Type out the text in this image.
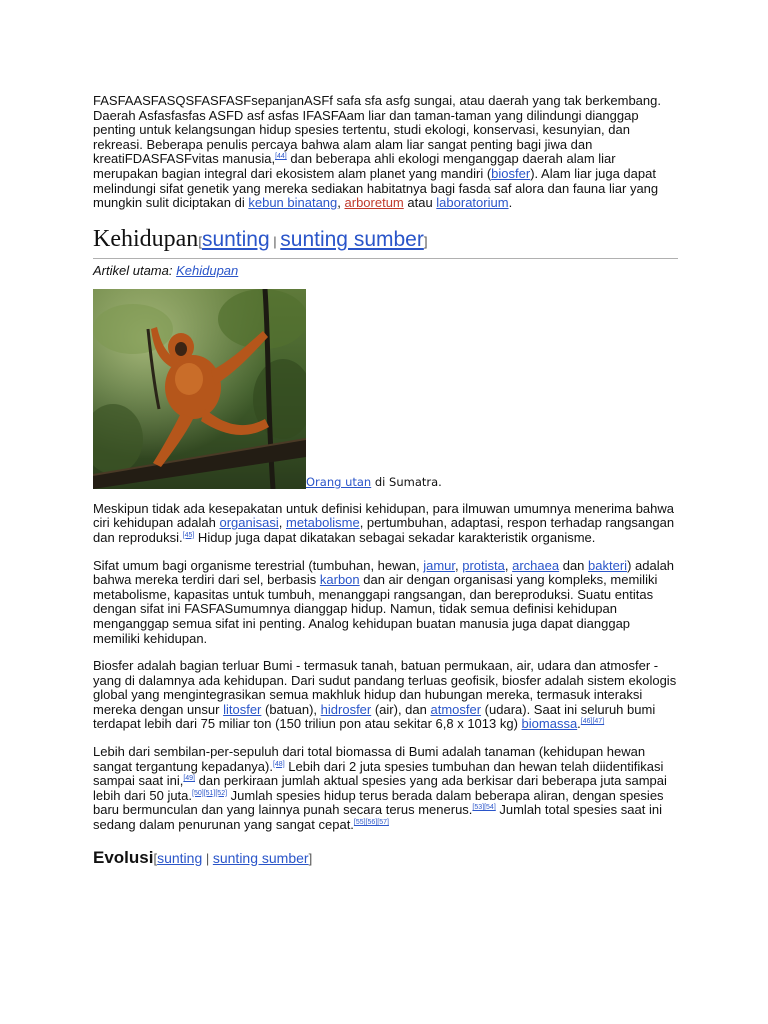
FASFAASFASQSFASFASFsepanjanASFf safa sfa asfg sungai, atau daerah yang tak berkembang. Daerah Asfasfasfas ASFD asf asfas IFASFAam liar dan taman-taman yang dilindungi dianggap penting untuk kelangsungan hidup spesies tertentu, studi ekologi, konservasi, kesunyian, dan rekreasi. Beberapa penulis percaya bahwa alam alam liar sangat penting bagi jiwa dan kreatiFDASFASFvitas manusia,[44] dan beberapa ahli ekologi menganggap daerah alam liar merupakan bagian integral dari ekosistem alam planet yang mandiri (biosfer). Alam liar juga dapat melindungi sifat genetik yang mereka sediakan habitatnya bagi fasda saf alora dan fauna liar yang mungkin sulit diciptakan di kebun binatang, arboretum atau laboratorium.

Kehidupan[sunting | sunting sumber]

Artikel utama: Kehidupan

Orang utan di Sumatra.

Meskipun tidak ada kesepakatan untuk definisi kehidupan, para ilmuwan umumnya menerima bahwa ciri kehidupan adalah organisasi, metabolisme, pertumbuhan, adaptasi, respon terhadap rangsangan dan reproduksi.[45] Hidup juga dapat dikatakan sebagai sekadar karakteristik organisme.

Sifat umum bagi organisme terestrial (tumbuhan, hewan, jamur, protista, archaea dan bakteri) adalah bahwa mereka terdiri dari sel, berbasis karbon dan air dengan organisasi yang kompleks, memiliki metabolisme, kapasitas untuk tumbuh, menanggapi rangsangan, dan bereproduksi. Suatu entitas dengan sifat ini FASFASumumnya dianggap hidup. Namun, tidak semua definisi kehidupan menganggap semua sifat ini penting. Analog kehidupan buatan manusia juga dapat dianggap memiliki kehidupan.

Biosfer adalah bagian terluar Bumi - termasuk tanah, batuan permukaan, air, udara dan atmosfer - yang di dalamnya ada kehidupan. Dari sudut pandang terluas geofisik, biosfer adalah sistem ekologis global yang mengintegrasikan semua makhluk hidup dan hubungan mereka, termasuk interaksi mereka dengan unsur litosfer (batuan), hidrosfer (air), dan atmosfer (udara). Saat ini seluruh bumi terdapat lebih dari 75 miliar ton (150 triliun pon atau sekitar 6,8 x 1013 kg) biomassa.[46][47]

Lebih dari sembilan-per-sepuluh dari total biomassa di Bumi adalah tanaman (kehidupan hewan sangat tergantung kepadanya).[48] Lebih dari 2 juta spesies tumbuhan dan hewan telah diidentifikasi sampai saat ini,[49] dan perkiraan jumlah aktual spesies yang ada berkisar dari beberapa juta sampai lebih dari 50 juta.[50][51][52] Jumlah spesies hidup terus berada dalam beberapa aliran, dengan spesies baru bermunculan dan yang lainnya punah secara terus menerus.[53][54] Jumlah total spesies saat ini sedang dalam penurunan yang sangat cepat.[55][56][57]

Evolusi[sunting | sunting sumber]
